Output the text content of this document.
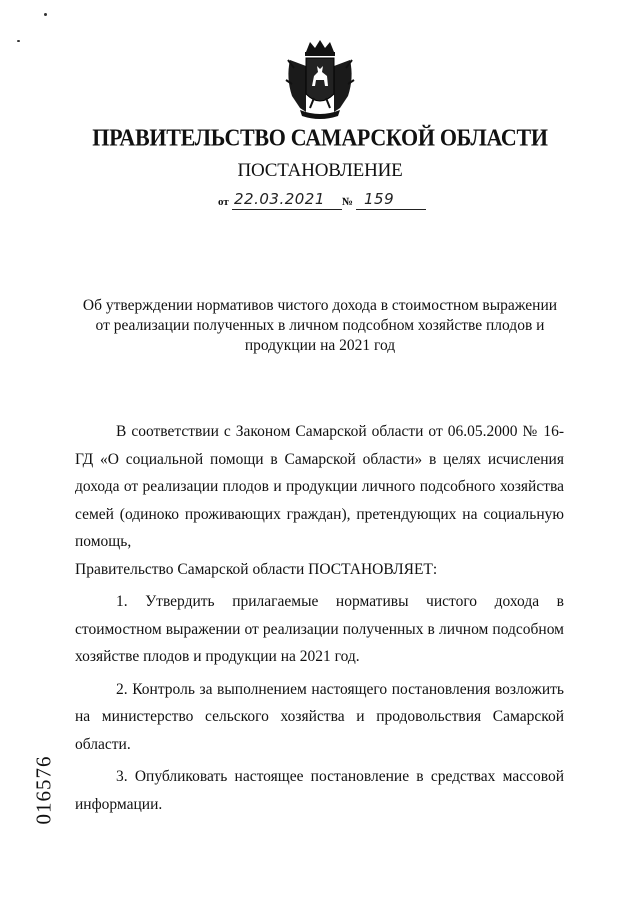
ПРАВИТЕЛЬСТВО САМАРСКОЙ ОБЛАСТИ
ПОСТАНОВЛЕНИЕ
от 22.03.2021 № 159
Об утверждении нормативов чистого дохода в стоимостном выражении
от реализации полученных в личном подсобном хозяйстве плодов и
продукции на 2021 год

В соответствии с Законом Самарской области от 06.05.2000 № 16-ГД «О социальной помощи в Самарской области» в целях исчисления дохода от реализации плодов и продукции личного подсобного хозяйства семей (одиноко проживающих граждан), претендующих на социальную помощь,

Правительство Самарской области ПОСТАНОВЛЯЕТ:

1. Утвердить прилагаемые нормативы чистого дохода в стоимостном выражении от реализации полученных в личном подсобном хозяйстве плодов и продукции на 2021 год.

2. Контроль за выполнением настоящего постановления возложить на министерство сельского хозяйства и продовольствия Самарской области.

3. Опубликовать настоящее постановление в средствах массовой информации.

016576
